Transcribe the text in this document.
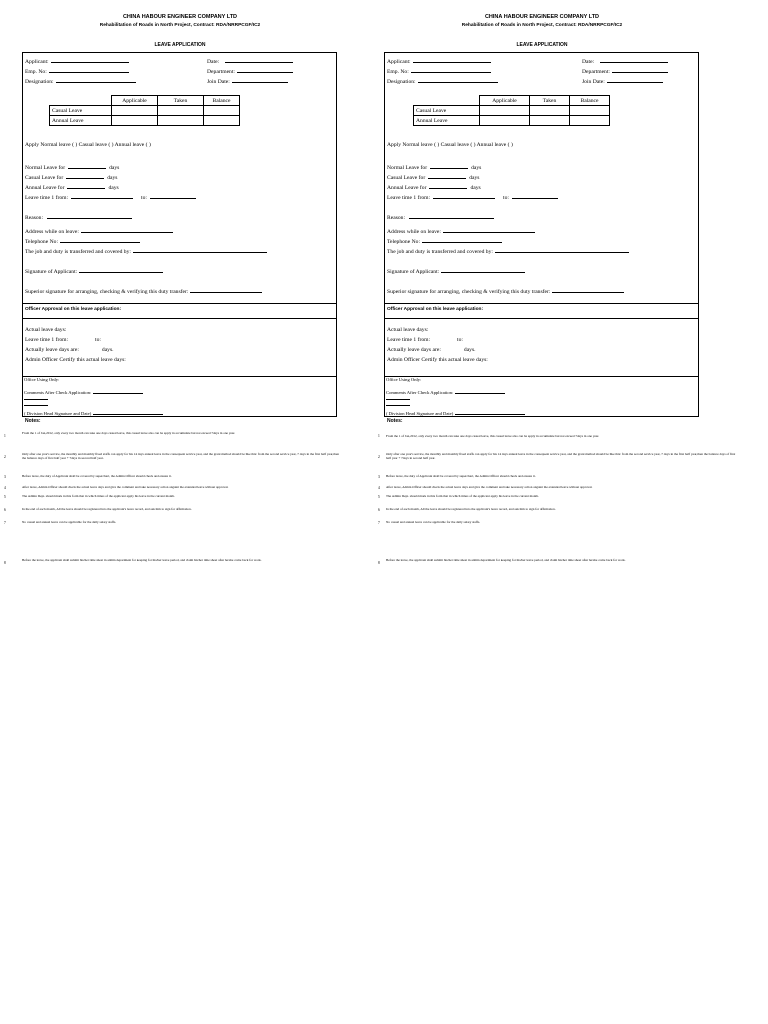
CHINA HABOUR ENGINEER COMPANY LTD
Rehabilitation of Roads in North Project, Contract: RDA/NRRPCGF/IC2
LEAVE APPLICATION
Applicant:	Date:
Emp. No:	Department:
Designation:	Join Date:
	Applicable	Taken	Balance
Casual Leave			
Annual Leave			
Apply Normal leave ( ) Casual leave ( ) Annual leave ( )
Normal Leave for	days
Casual Leave for	days
Annual Leave for	days
Leave time 1 from:	to:
Reason:
Address while on leave:
Telephone No:
The job and duty is transferred and covered by:
Signature of Applicant:
Superior signature for arranging, checking & verifying this duty transfer:
Officer Approval on this leave application:
Actual leave days:
Leave time 1 from:	to:
Actually leave days are:	days.
Admin Officer Certify this actual leave days:
Office Using Only:
Comments After Check Application:
( Division Head Signature and Date)
Notes:
1
From the 1 of Jan,2012, only every two month can take one days casual leave, this casual leave also can be apply in accumulate but not exceed 7days in one year.
2
Only after one year's service, the monthly and monthly fixed staffs can apply for his 14 days annual leave in the consequent service year, and the grant method should be like this: from the second service year, 7 days in the first half year,then the balance days of first half year + 7days in second half year.
3	Before leave, the duty of Applicant shall be covered by superchart, the Admin Officer should check and ensure it.
4	After leave, Admin Officer should check the actual leave days and give the comment and take necessary action angaint the extended leave without approval.
5	The Admin Dept. should mark in this form that in which times of the applicant apply his leave in the current month.
6	In the end of each month, All the leave should be registered into the applicant's leave record, and ask him to sign for affirmation.
7	No casual and annual leave can be applicable for the daily salary staffs.
8
Before the leave, the applicant shall submit his/her time sheet in admin department for keeping for his/her leave period, and claim his/her time sheet after he/she come back for work.
CHINA HABOUR ENGINEER COMPANY LTD
Rehabilitation of Roads in North Project, Contract: RDA/NRRPCGF/IC2
LEAVE APPLICATION
Applicant:	Date:
Emp. No:	Department:
Designation:	Join Date:
	Applicable	Taken	Balance
Casual Leave			
Annual Leave			
Apply Normal leave ( ) Casual leave ( ) Annual leave ( )
Normal Leave for	days
Casual Leave for	days
Annual Leave for	days
Leave time 1 from:	to:
Reason:
Address while on leave:
Telephone No:
The job and duty is transferred and covered by:
Signature of Applicant:
Superior signature for arranging, checking & verifying this duty transfer:
Officer Approval on this leave application:
Actual leave days:
Leave time 1 from:	to:
Actually leave days are:	days.
Admin Officer Certify this actual leave days:
Office Using Only:
Comments After Check Application:
( Division Head Signature and Date)
Notes:
1 From the 1 of Jan,2012, only every two month can take one days casual leave, this casual leave also can be apply in accumulate but not exceed 7days in one year.
2
Only after one year's service, the monthly and monthly fixed staffs can apply for his 14 days annual leave in the consequent service year, and the grant method should be like this: from the second service year, 7 days in the first half year,then the balance days of first half year + 7days in second half year.
3 Before leave, the duty of Applicant shall be covered by superchart, the Admin Officer should check and ensure it.
4 After leave, Admin Officer should check the actual leave days and give the comment and take necessary action angaint the extended leave without approval.
5 The Admin Dept. should mark in this form that in which times of the applicant apply his leave in the current month.
6 In the end of each month, All the leave should be registered into the applicant's leave record, and ask him to sign for affirmation.
7 No casual and annual leave can be applicable for the daily salary staffs.
8
Before the leave, the applicant shall submit his/her time sheet in admin department for keeping for his/her leave period, and claim his/her time sheet after he/she come back for work.
